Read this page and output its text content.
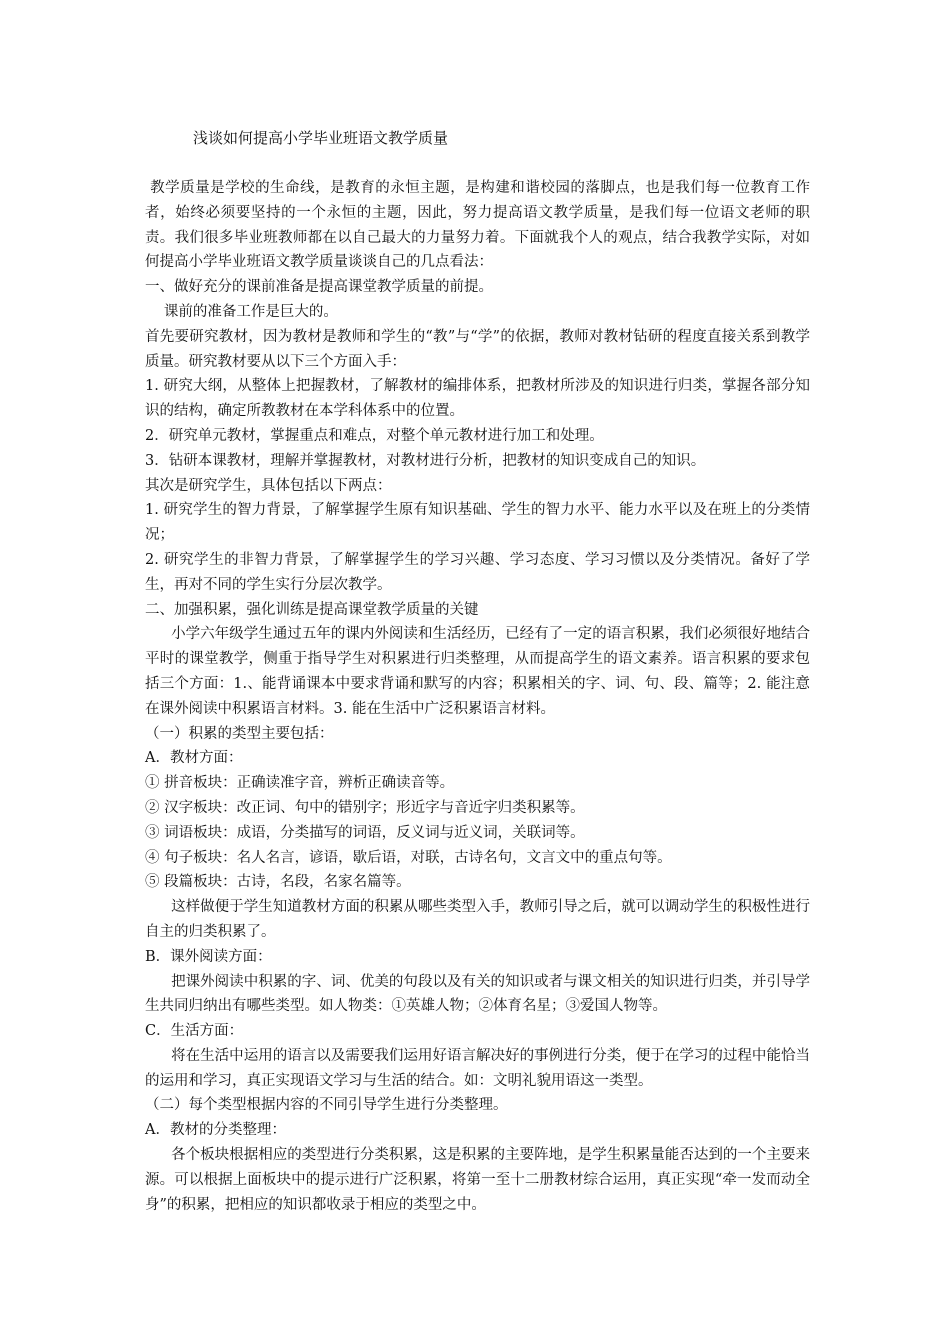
浅谈如何提高小学毕业班语文教学质量

教学质量是学校的生命线，是教育的永恒主题，是构建和谐校园的落脚点，也是我们每一位教育工作者，始终必须要坚持的一个永恒的主题，因此，努力提高语文教学质量，是我们每一位语文老师的职责。我们很多毕业班教师都在以自己最大的力量努力着。下面就我个人的观点，结合我教学实际，对如何提高小学毕业班语文教学质量谈谈自己的几点看法：

一、做好充分的课前准备是提高课堂教学质量的前提。

课前的准备工作是巨大的。

首先要研究教材，因为教材是教师和学生的“教”与“学”的依据，教师对教材钻研的程度直接关系到教学质量。研究教材要从以下三个方面入手：

1. 研究大纲，从整体上把握教材，了解教材的编排体系，把教材所涉及的知识进行归类，掌握各部分知识的结构，确定所教教材在本学科体系中的位置。

2．研究单元教材，掌握重点和难点，对整个单元教材进行加工和处理。

3．钻研本课教材，理解并掌握教材，对教材进行分析，把教材的知识变成自己的知识。

其次是研究学生，具体包括以下两点：

1. 研究学生的智力背景，了解掌握学生原有知识基础、学生的智力水平、能力水平以及在班上的分类情况；

2. 研究学生的非智力背景，了解掌握学生的学习兴趣、学习态度、学习习惯以及分类情况。备好了学生，再对不同的学生实行分层次教学。

二、加强积累，强化训练是提高课堂教学质量的关键

小学六年级学生通过五年的课内外阅读和生活经历，已经有了一定的语言积累，我们必须很好地结合平时的课堂教学，侧重于指导学生对积累进行归类整理，从而提高学生的语文素养。语言积累的要求包括三个方面：1.、能背诵课本中要求背诵和默写的内容；积累相关的字、词、句、段、篇等；2. 能注意在课外阅读中积累语言材料。3. 能在生活中广泛积累语言材料。

（一）积累的类型主要包括：

A．教材方面：

① 拼音板块：正确读准字音，辨析正确读音等。

② 汉字板块：改正词、句中的错别字；形近字与音近字归类积累等。

③ 词语板块：成语，分类描写的词语，反义词与近义词，关联词等。

④ 句子板块：名人名言，谚语，歇后语，对联，古诗名句，文言文中的重点句等。

⑤ 段篇板块：古诗，名段，名家名篇等。

这样做便于学生知道教材方面的积累从哪些类型入手，教师引导之后，就可以调动学生的积极性进行自主的归类积累了。

B．课外阅读方面：

把课外阅读中积累的字、词、优美的句段以及有关的知识或者与课文相关的知识进行归类，并引导学生共同归纳出有哪些类型。如人物类：①英雄人物；②体育名星；③爱国人物等。

C．生活方面：

将在生活中运用的语言以及需要我们运用好语言解决好的事例进行分类，便于在学习的过程中能恰当的运用和学习，真正实现语文学习与生活的结合。如：文明礼貌用语这一类型。

（二）每个类型根据内容的不同引导学生进行分类整理。

A．教材的分类整理：

各个板块根据相应的类型进行分类积累，这是积累的主要阵地，是学生积累量能否达到的一个主要来源。可以根据上面板块中的提示进行广泛积累，将第一至十二册教材综合运用，真正实现“牵一发而动全身”的积累，把相应的知识都收录于相应的类型之中。
